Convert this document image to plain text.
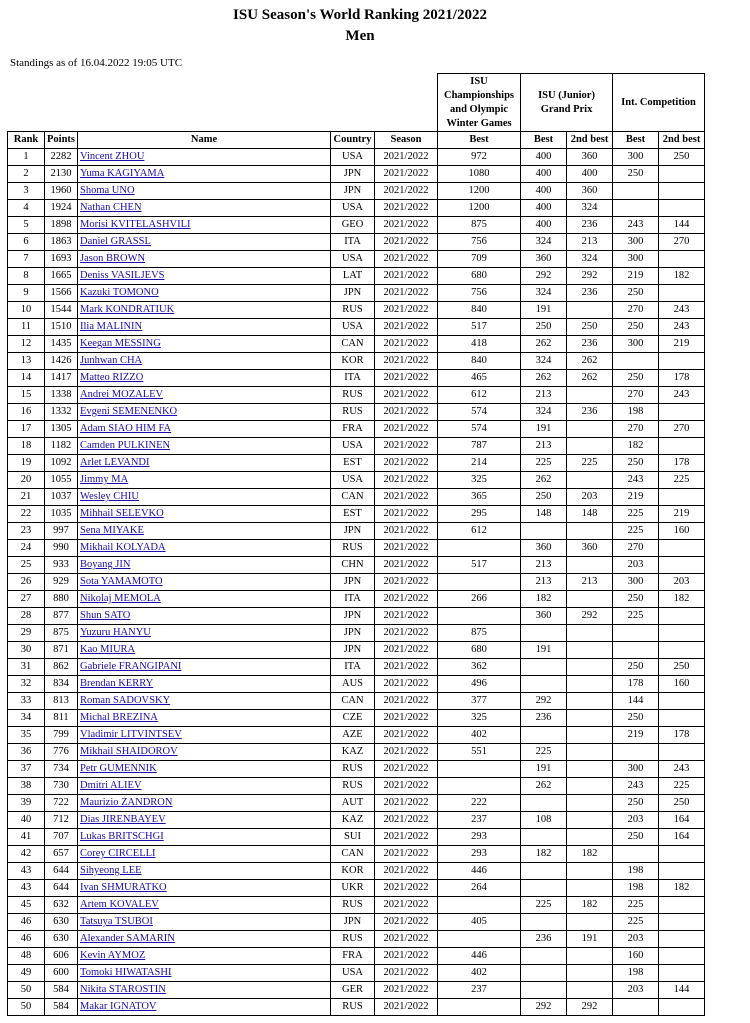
ISU Season's World Ranking 2021/2022
Men
Standings as of 16.04.2022 19:05 UTC
					ISU Championships and Olympic Winter Games	ISU (Junior) Grand Prix		Int. Competition	
Rank	Points	Name	Country	Season	Best	Best	2nd best	Best	2nd best
1	2282	Vincent ZHOU	USA	2021/2022	972	400	360	300	250
2	2130	Yuma KAGIYAMA	JPN	2021/2022	1080	400	400	250	
3	1960	Shoma UNO	JPN	2021/2022	1200	400	360		
4	1924	Nathan CHEN	USA	2021/2022	1200	400	324		
5	1898	Morisi KVITELASHVILI	GEO	2021/2022	875	400	236	243	144
6	1863	Daniel GRASSL	ITA	2021/2022	756	324	213	300	270
7	1693	Jason BROWN	USA	2021/2022	709	360	324	300	
8	1665	Deniss VASILJEVS	LAT	2021/2022	680	292	292	219	182
9	1566	Kazuki TOMONO	JPN	2021/2022	756	324	236	250	
10	1544	Mark KONDRATIUK	RUS	2021/2022	840	191		270	243
11	1510	Ilia MALININ	USA	2021/2022	517	250	250	250	243
12	1435	Keegan MESSING	CAN	2021/2022	418	262	236	300	219
13	1426	Junhwan CHA	KOR	2021/2022	840	324	262		
14	1417	Matteo RIZZO	ITA	2021/2022	465	262	262	250	178
15	1338	Andrei MOZALEV	RUS	2021/2022	612	213		270	243
16	1332	Evgeni SEMENENKO	RUS	2021/2022	574	324	236	198	
17	1305	Adam SIAO HIM FA	FRA	2021/2022	574	191		270	270
18	1182	Camden PULKINEN	USA	2021/2022	787	213		182	
19	1092	Arlet LEVANDI	EST	2021/2022	214	225	225	250	178
20	1055	Jimmy MA	USA	2021/2022	325	262		243	225
21	1037	Wesley CHIU	CAN	2021/2022	365	250	203	219	
22	1035	Mihhail SELEVKO	EST	2021/2022	295	148	148	225	219
23	997	Sena MIYAKE	JPN	2021/2022	612			225	160
24	990	Mikhail KOLYADA	RUS	2021/2022		360	360	270	
25	933	Boyang JIN	CHN	2021/2022	517	213		203	
26	929	Sota YAMAMOTO	JPN	2021/2022		213	213	300	203
27	880	Nikolaj MEMOLA	ITA	2021/2022	266	182		250	182
28	877	Shun SATO	JPN	2021/2022		360	292	225	
29	875	Yuzuru HANYU	JPN	2021/2022	875				
30	871	Kao MIURA	JPN	2021/2022	680	191			
31	862	Gabriele FRANGIPANI	ITA	2021/2022	362			250	250
32	834	Brendan KERRY	AUS	2021/2022	496			178	160
33	813	Roman SADOVSKY	CAN	2021/2022	377	292		144	
34	811	Michal BREZINA	CZE	2021/2022	325	236		250	
35	799	Vladimir LITVINTSEV	AZE	2021/2022	402			219	178
36	776	Mikhail SHAIDOROV	KAZ	2021/2022	551	225			
37	734	Petr GUMENNIK	RUS	2021/2022		191		300	243
38	730	Dmitri ALIEV	RUS	2021/2022		262		243	225
39	722	Maurizio ZANDRON	AUT	2021/2022	222			250	250
40	712	Dias JIRENBAYEV	KAZ	2021/2022	237	108		203	164
41	707	Lukas BRITSCHGI	SUI	2021/2022	293			250	164
42	657	Corey CIRCELLI	CAN	2021/2022	293	182	182		
43	644	Sihyeong LEE	KOR	2021/2022	446			198	
43	644	Ivan SHMURATKO	UKR	2021/2022	264			198	182
45	632	Artem KOVALEV	RUS	2021/2022		225	182	225	
46	630	Tatsuya TSUBOI	JPN	2021/2022	405			225	
46	630	Alexander SAMARIN	RUS	2021/2022		236	191	203	
48	606	Kevin AYMOZ	FRA	2021/2022	446			160	
49	600	Tomoki HIWATASHI	USA	2021/2022	402			198	
50	584	Nikita STAROSTIN	GER	2021/2022	237			203	144
50	584	Makar IGNATOV	RUS	2021/2022		292	292		
